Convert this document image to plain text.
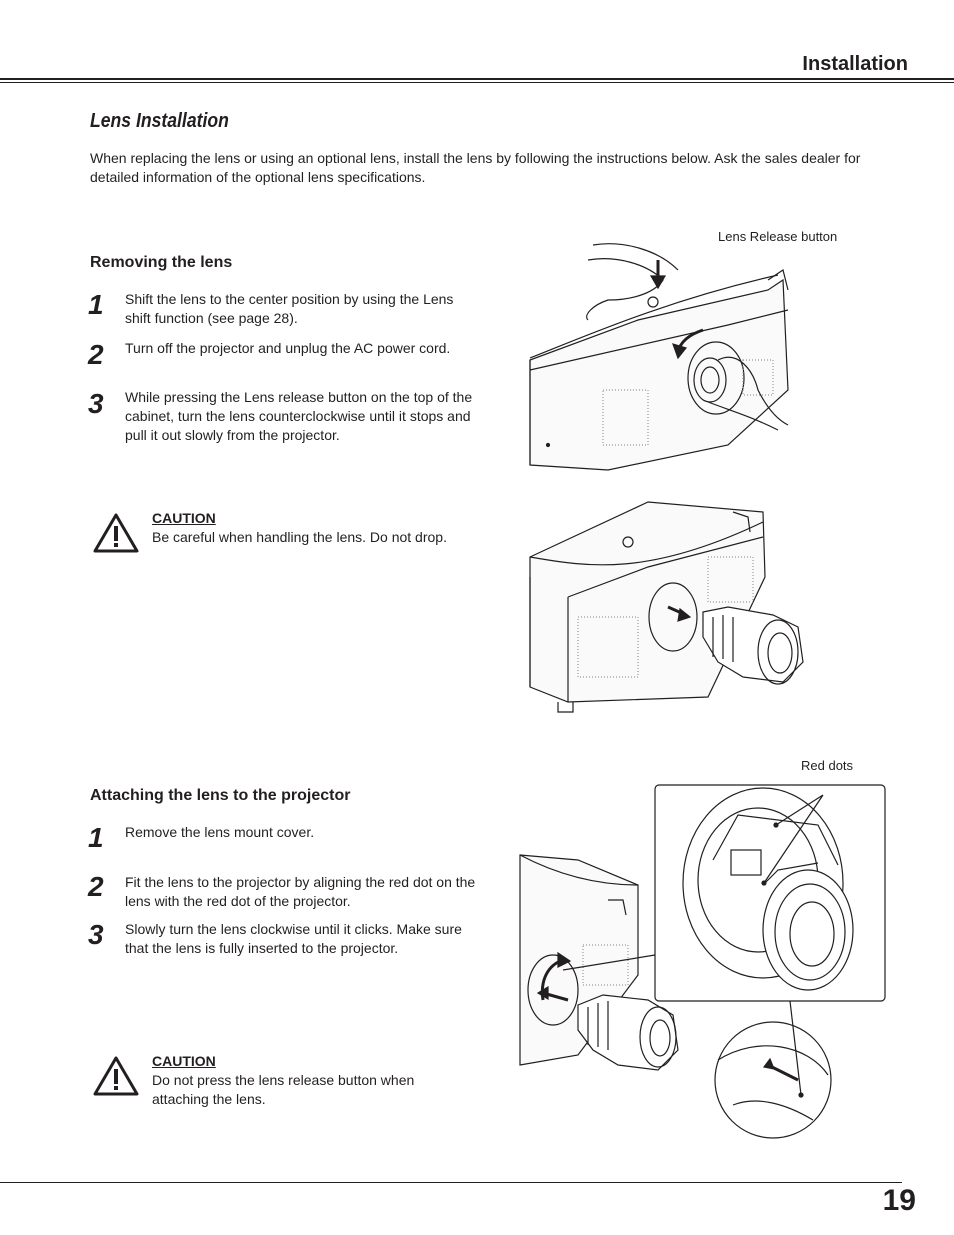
Installation
Lens Installation
When replacing the lens or using an optional lens, install the lens by following the instructions below. Ask the sales dealer for detailed information of the optional lens specifications.
Removing the lens
1	Shift the lens to the center position by using the Lens shift function (see page 28).
2	Turn off the projector and unplug the AC power cord.
3	While pressing the Lens release button on the top of the cabinet, turn the lens counterclockwise until it stops and pull it out slowly from the projector.
CAUTION
Be careful when handling the lens. Do not drop.
Lens Release button
Attaching the lens to the projector
1	Remove the lens mount cover.
2	Fit the lens to the projector by aligning the red dot on the lens with the red dot of the projector.
3	Slowly turn the lens clockwise until it clicks. Make sure that the lens is fully inserted to the projector.
CAUTION
Do not press the lens release button when attaching the lens.
Red dots
19
